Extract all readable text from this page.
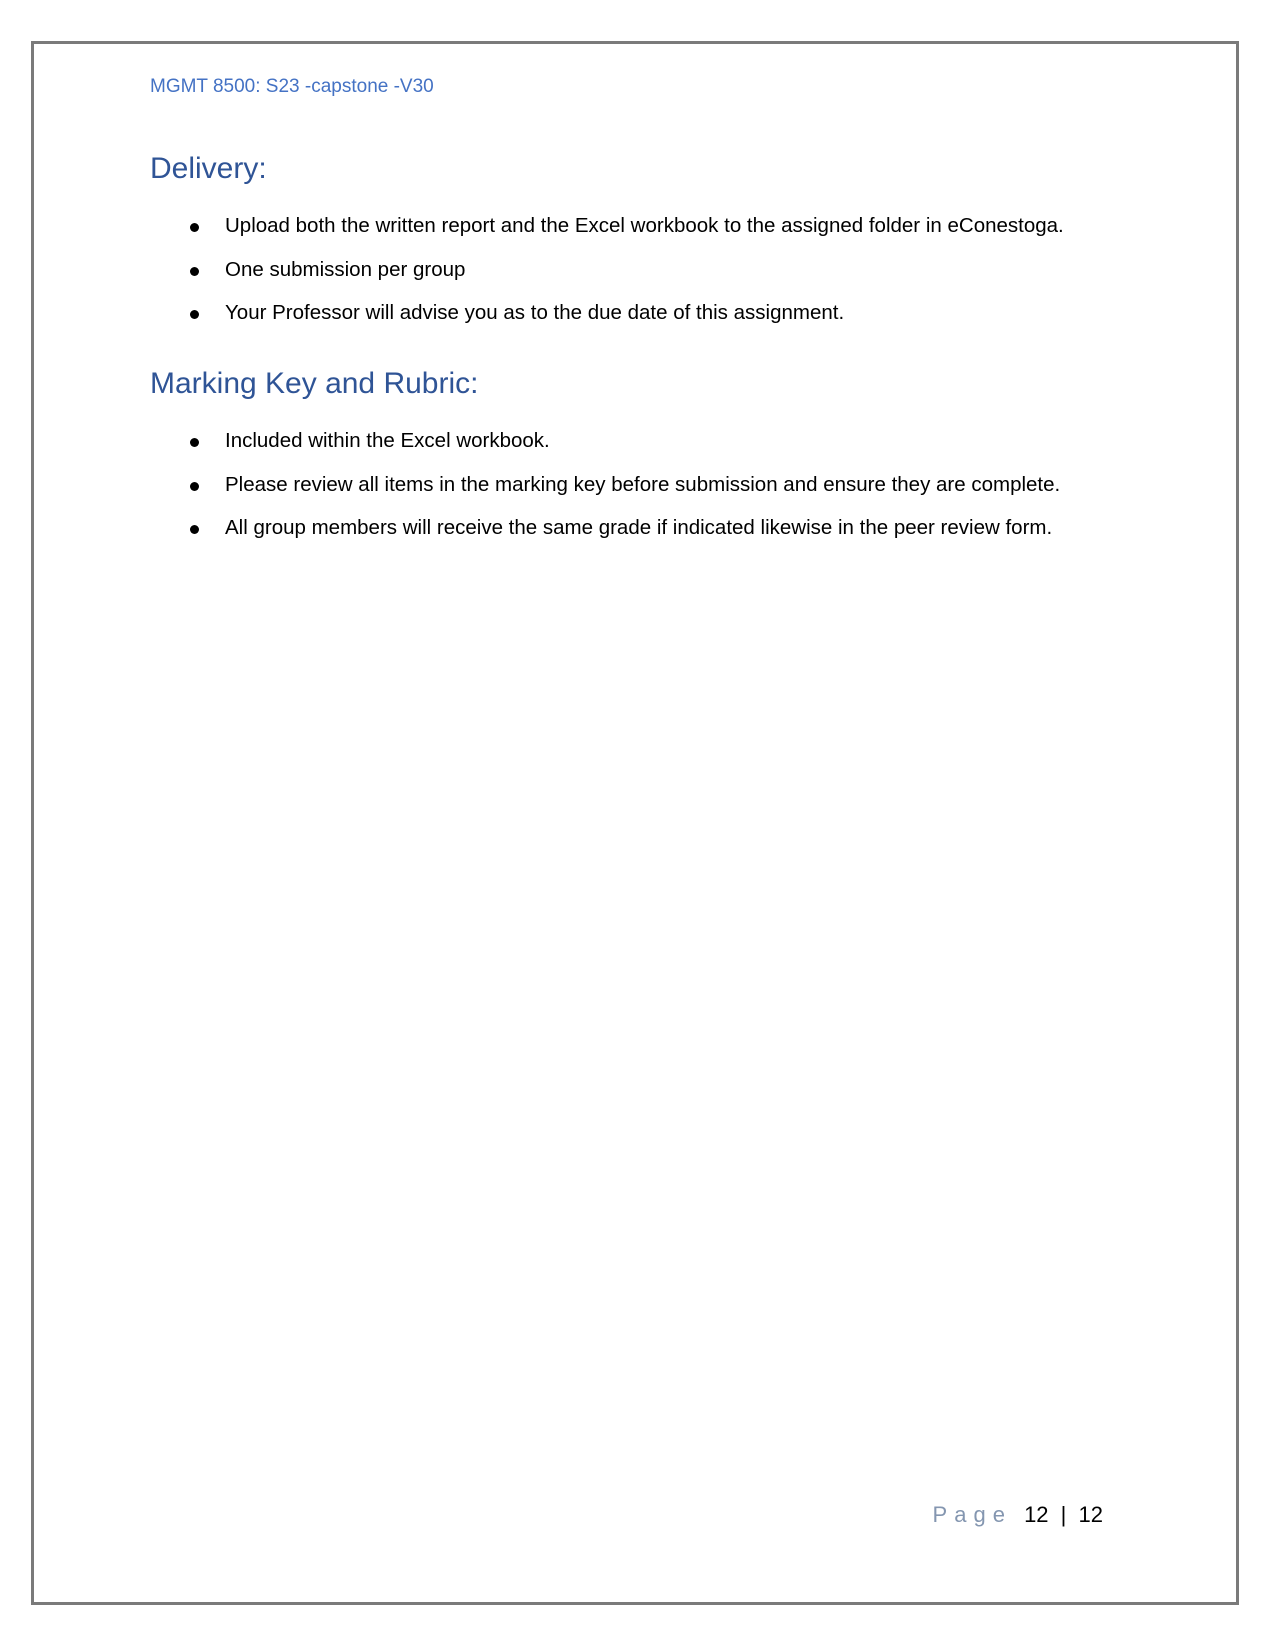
MGMT 8500: S23 -capstone -V30
Delivery:
Upload both the written report and the Excel workbook to the assigned folder in eConestoga.
One submission per group
Your Professor will advise you as to the due date of this assignment.
Marking Key and Rubric:
Included within the Excel workbook.
Please review all items in the marking key before submission and ensure they are complete.
All group members will receive the same grade if indicated likewise in the peer review form.
Page 12 | 12
